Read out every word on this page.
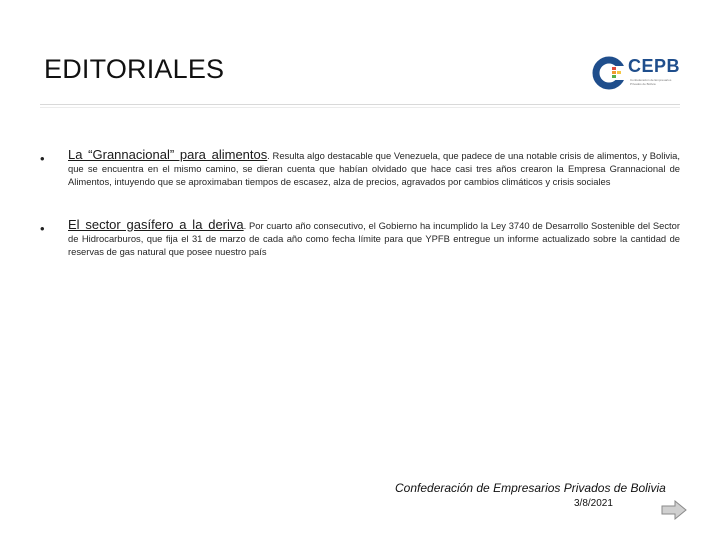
EDITORIALES	CEPB
Confederación de Empresarios
Privados de Bolivia
•	La “Grannacional” para alimentos. Resulta algo destacable que Venezuela, que padece de una notable crisis de alimentos, y Bolivia, que se encuentra en el mismo camino, se dieran cuenta que habían olvidado que hace casi tres años crearon la Empresa Grannacional de Alimentos, intuyendo que se aproximaban tiempos de escasez, alza de precios, agravados por cambios climáticos y crisis sociales
•	El sector gasífero a la deriva. Por cuarto año consecutivo, el Gobierno ha incumplido la Ley 3740 de Desarrollo Sostenible del Sector de Hidrocarburos, que fija el 31 de marzo de cada año como fecha límite para que YPFB entregue un informe actualizado sobre la cantidad de reservas de gas natural que posee nuestro país
Confederación de Empresarios Privados de Bolivia
3/8/2021
